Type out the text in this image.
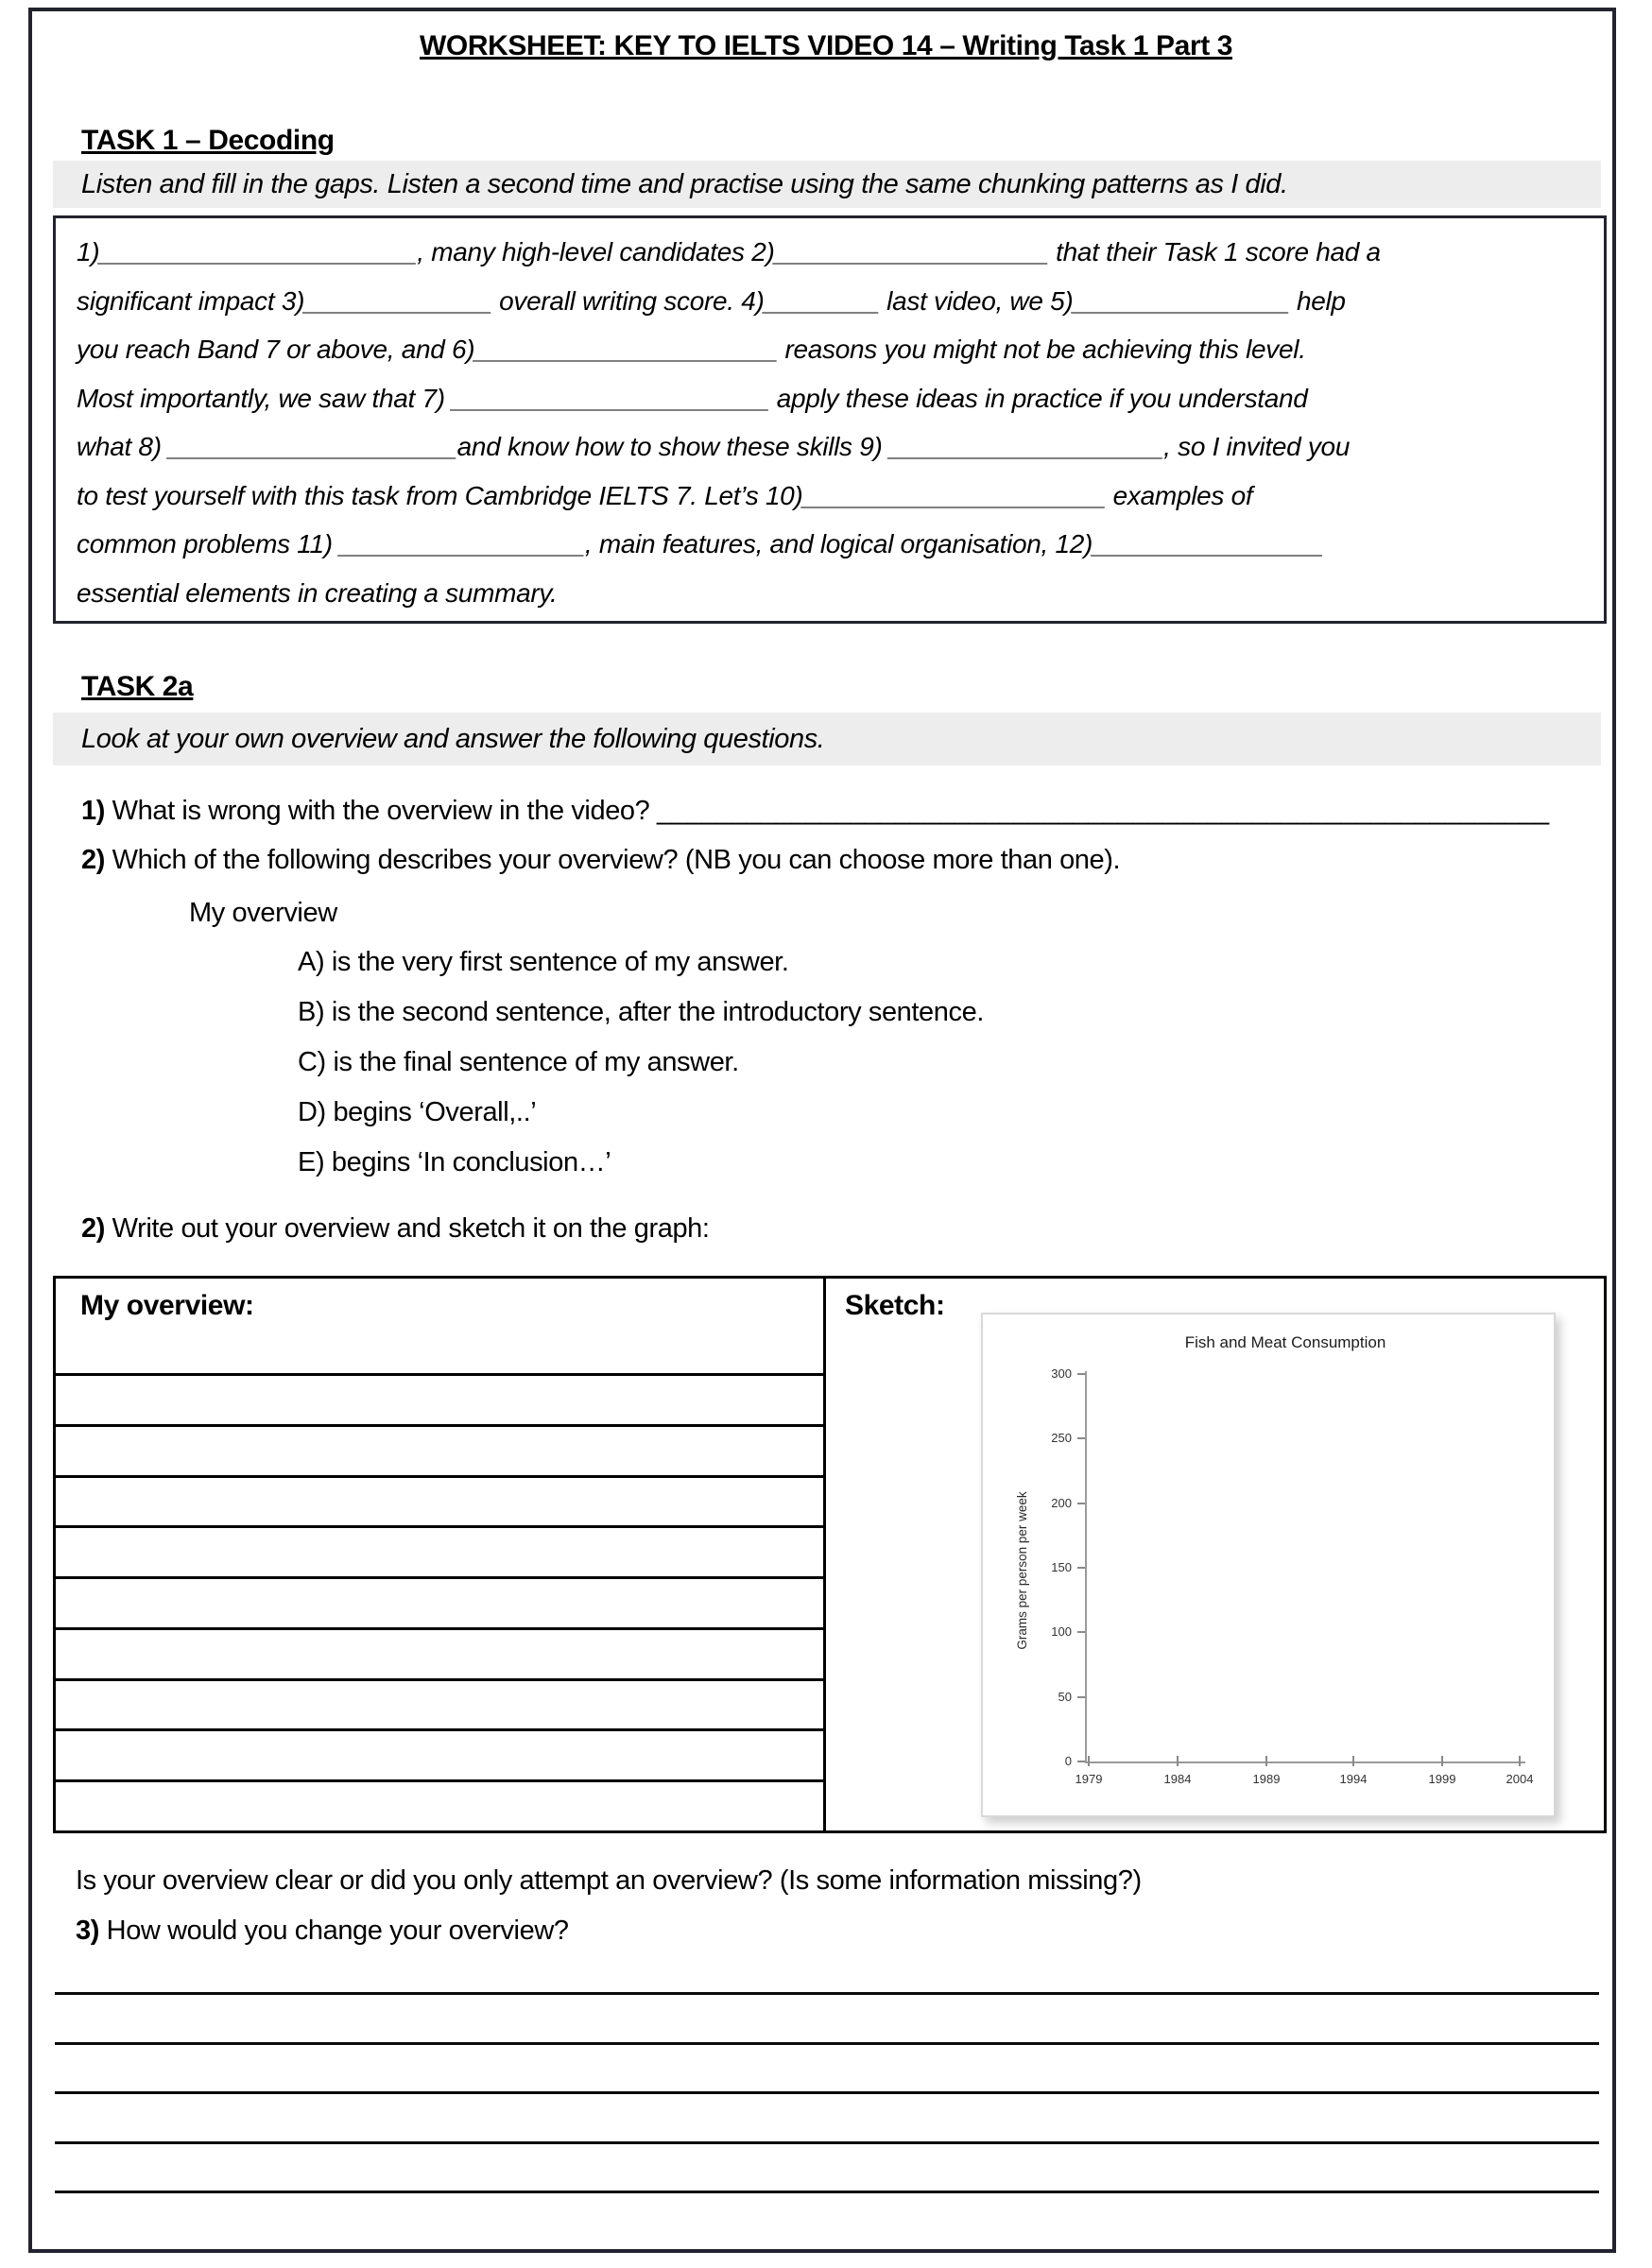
WORKSHEET: KEY TO IELTS VIDEO 14 – Writing Task 1 Part 3
TASK 1 – Decoding
Listen and fill in the gaps. Listen a second time and practise using the same chunking patterns as I did.
1)______________________, many high-level candidates 2)___________________ that their Task 1 score had a
significant impact 3)_____________ overall writing score. 4)________ last video, we 5)_______________ help
you reach Band 7 or above, and 6)_____________________ reasons you might not be achieving this level.
Most importantly, we saw that 7) ______________________ apply these ideas in practice if you understand
what 8) ____________________and know how to show these skills 9) ___________________, so I invited you
to test yourself with this task from Cambridge IELTS 7. Let’s 10)_____________________ examples of
common problems 11) _________________, main features, and logical organisation, 12)________________
essential elements in creating a summary.
TASK 2a
Look at your own overview and answer the following questions.
1) What is wrong with the overview in the video? ____________________________________________________________
2) Which of the following describes your overview? (NB you can choose more than one).
My overview
A) is the very first sentence of my answer.
B) is the second sentence, after the introductory sentence.
C) is the final sentence of my answer.
D) begins ‘Overall,..’
E) begins ‘In conclusion…’
2) Write out your overview and sketch it on the graph:
My overview:	Sketch:
Fish and Meat Consumption
Grams per person per week
300
250
200
150
100
50
0
1979	1984	1989	1994	1999	2004
Is your overview clear or did you only attempt an overview? (Is some information missing?)
3) How would you change your overview?
